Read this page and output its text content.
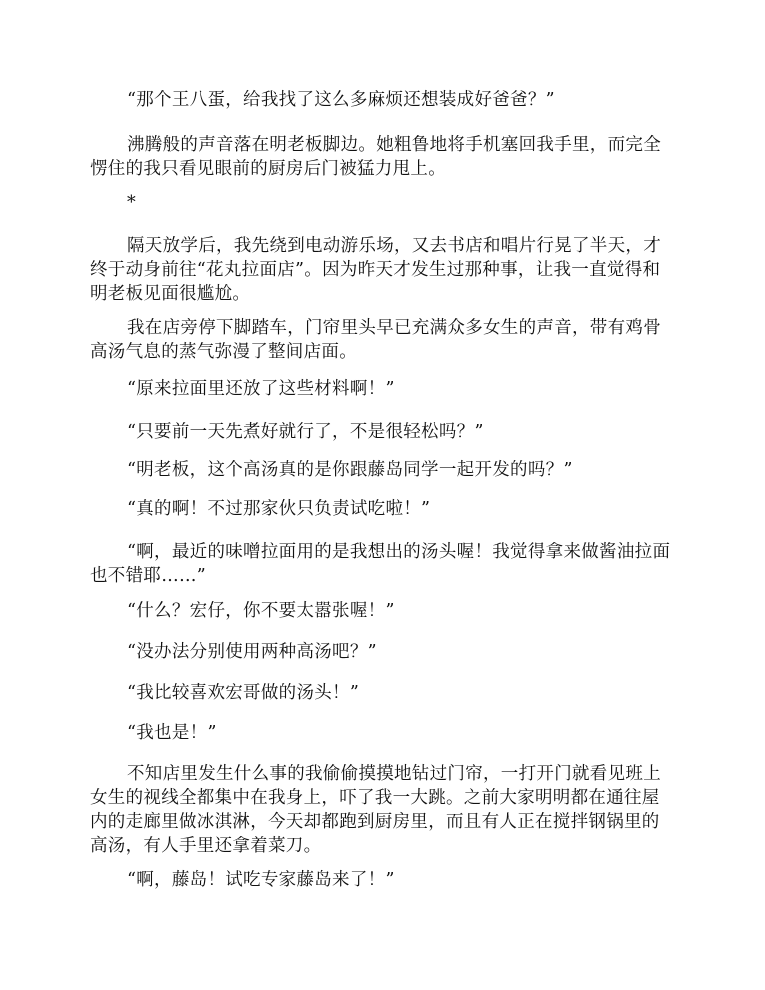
“那个王八蛋，给我找了这么多麻烦还想装成好爸爸？”

沸腾般的声音落在明老板脚边。她粗鲁地将手机塞回我手里，而完全愣住的我只看见眼前的厨房后门被猛力甩上。

*

隔天放学后，我先绕到电动游乐场，又去书店和唱片行晃了半天，才终于动身前往“花丸拉面店”。因为昨天才发生过那种事，让我一直觉得和明老板见面很尴尬。

我在店旁停下脚踏车，门帘里头早已充满众多女生的声音，带有鸡骨高汤气息的蒸气弥漫了整间店面。

“原来拉面里还放了这些材料啊！”

“只要前一天先煮好就行了，不是很轻松吗？”

“明老板，这个高汤真的是你跟藤岛同学一起开发的吗？”

“真的啊！不过那家伙只负责试吃啦！”

“啊，最近的味噌拉面用的是我想出的汤头喔！我觉得拿来做酱油拉面也不错耶……”

“什么？宏仔，你不要太嚣张喔！”

“没办法分别使用两种高汤吧？”

“我比较喜欢宏哥做的汤头！”

“我也是！”

不知店里发生什么事的我偷偷摸摸地钻过门帘，一打开门就看见班上女生的视线全都集中在我身上，吓了我一大跳。之前大家明明都在通往屋内的走廊里做冰淇淋，今天却都跑到厨房里，而且有人正在搅拌钢锅里的高汤，有人手里还拿着菜刀。

“啊，藤岛！试吃专家藤岛来了！”
